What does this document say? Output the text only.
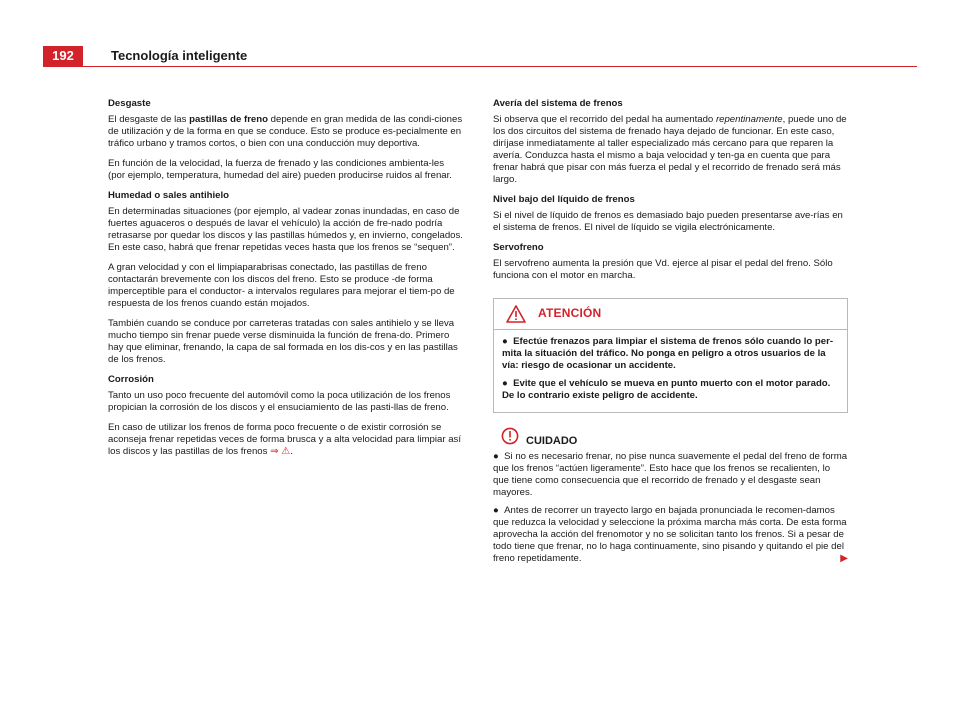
192	Tecnología inteligente
Desgaste

El desgaste de las pastillas de freno depende en gran medida de las condi-ciones de utilización y de la forma en que se conduce. Esto se produce es-pecialmente en tráfico urbano y tramos cortos, o bien con una conducción muy deportiva.

En función de la velocidad, la fuerza de frenado y las condiciones ambienta-les (por ejemplo, temperatura, humedad del aire) pueden producirse ruidos al frenar.

Humedad o sales antihielo

En determinadas situaciones (por ejemplo, al vadear zonas inundadas, en caso de fuertes aguaceros o después de lavar el vehículo) la acción de fre-nado podría retrasarse por quedar los discos y las pastillas húmedos y, en invierno, congelados. En este caso, habrá que frenar repetidas veces hasta que los frenos se “sequen”.

A gran velocidad y con el limpiaparabrisas conectado, las pastillas de freno contactarán brevemente con los discos del freno. Esto se produce -de forma imperceptible para el conductor- a intervalos regulares para mejorar el tiem-po de respuesta de los frenos cuando están mojados.

También cuando se conduce por carreteras tratadas con sales antihielo y se lleva mucho tiempo sin frenar puede verse disminuida la función de frena-do. Primero hay que eliminar, frenando, la capa de sal formada en los dis-cos y en las pastillas de los frenos.

Corrosión

Tanto un uso poco frecuente del automóvil como la poca utilización de los frenos propician la corrosión de los discos y el ensuciamiento de las pasti-llas de freno.

En caso de utilizar los frenos de forma poco frecuente o de existir corrosión se aconseja frenar repetidas veces de forma brusca y a alta velocidad para limpiar así los discos y las pastillas de los frenos ⇒ ⚠.

Avería del sistema de frenos

Si observa que el recorrido del pedal ha aumentado repentinamente, puede uno de los dos circuitos del sistema de frenado haya dejado de funcionar. En este caso, diríjase inmediatamente al taller especializado más cercano para que reparen la avería. Conduzca hasta el mismo a baja velocidad y ten-ga en cuenta que para frenar habrá que pisar con más fuerza el pedal y el recorrido de frenado será más largo.

Nivel bajo del líquido de frenos

Si el nivel de líquido de frenos es demasiado bajo pueden presentarse ave-rías en el sistema de frenos. El nivel de líquido se vigila electrónicamente.

Servofreno

El servofreno aumenta la presión que Vd. ejerce al pisar el pedal del freno. Sólo funciona con el motor en marcha.

ATENCIÓN

● Efectúe frenazos para limpiar el sistema de frenos sólo cuando lo per-mita la situación del tráfico. No ponga en peligro a otros usuarios de la vía: riesgo de ocasionar un accidente.

● Evite que el vehículo se mueva en punto muerto con el motor parado. De lo contrario existe peligro de accidente.

CUIDADO

● Si no es necesario frenar, no pise nunca suavemente el pedal del freno de forma que los frenos “actúen ligeramente”. Esto hace que los frenos se recalienten, lo que tiene como consecuencia que el recorrido de frenado y el desgaste sean mayores.

● Antes de recorrer un trayecto largo en bajada pronunciada le recomen-damos que reduzca la velocidad y seleccione la próxima marcha más corta. De esta forma aprovecha la acción del frenomotor y no se solicitan tanto los frenos. Si a pesar de todo tiene que frenar, no lo haga continuamente, sino pisando y quitando el pie del freno repetidamente.	▶
